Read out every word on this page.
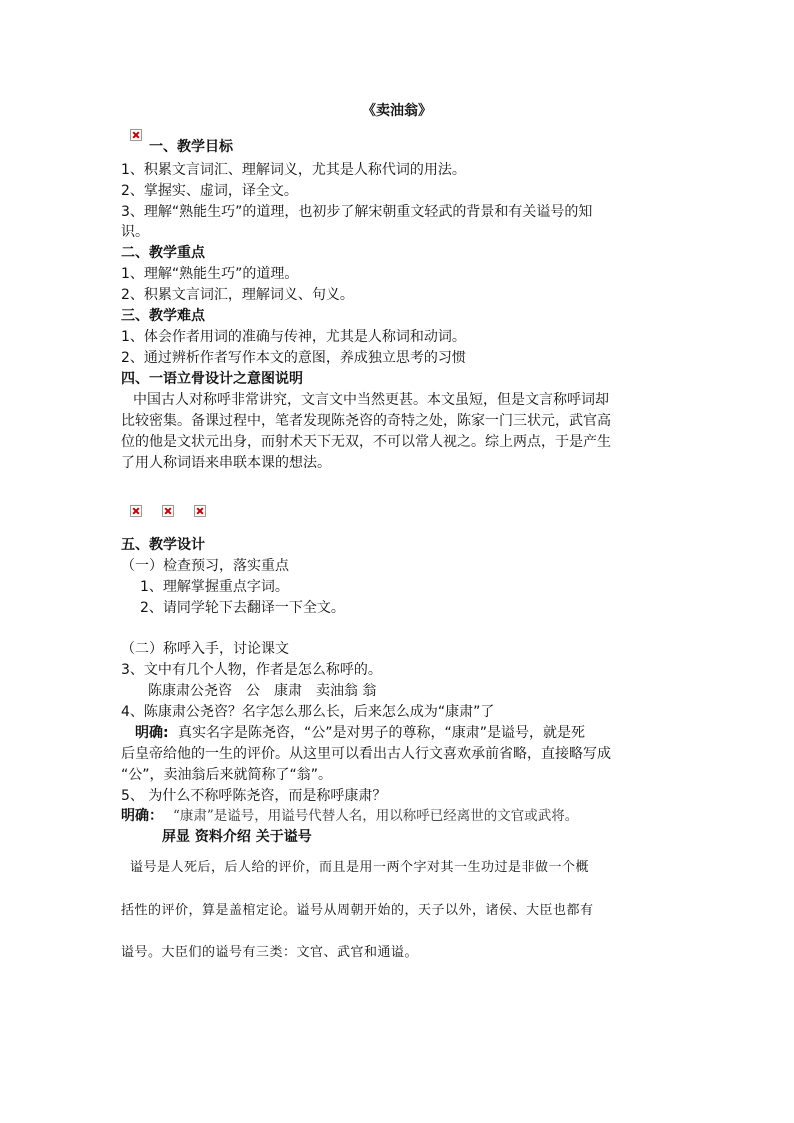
《卖油翁》
一、教学目标
1、积累文言词汇、理解词义，尤其是人称代词的用法。
2、掌握实、虚词，译全文。
3、理解“熟能生巧”的道理，也初步了解宋朝重文轻武的背景和有关谥号的知
识。
二、教学重点
1、理解“熟能生巧”的道理。
2、积累文言词汇，理解词义、句义。
三、教学难点
1、体会作者用词的准确与传神，尤其是人称词和动词。
2、通过辨析作者写作本文的意图，养成独立思考的习惯
四、一语立骨设计之意图说明
中国古人对称呼非常讲究，文言文中当然更甚。本文虽短，但是文言称呼词却
比较密集。备课过程中，笔者发现陈尧咨的奇特之处，陈家一门三状元，武官高
位的他是文状元出身，而射术天下无双，不可以常人视之。综上两点，于是产生
了用人称词语来串联本课的想法。
五、教学设计
（一）检查预习，落实重点
1、理解掌握重点字词。
2、请同学轮下去翻译一下全文。
（二）称呼入手，讨论课文
3、文中有几个人物，作者是怎么称呼的。
陈康肃公尧咨　公　康肃　卖油翁 翁
4、陈康肃公尧咨？名字怎么那么长，后来怎么成为“康肃”了
明确: 真实名字是陈尧咨，“公”是对男子的尊称，“康肃”是谥号，就是死
后皇帝给他的一生的评价。从这里可以看出古人行文喜欢承前省略，直接略写成
“公”，卖油翁后来就简称了“翁”。
5、 为什么不称呼陈尧咨，而是称呼康肃？
明确： “康肃”是谥号，用谥号代替人名，用以称呼已经离世的文官或武将。
屏显 资料介绍 关于谥号
谥号是人死后，后人给的评价，而且是用一两个字对其一生功过是非做一个概
括性的评价，算是盖棺定论。谥号从周朝开始的，天子以外，诸侯、大臣也都有
谥号。大臣们的谥号有三类：文官、武官和通谥。
